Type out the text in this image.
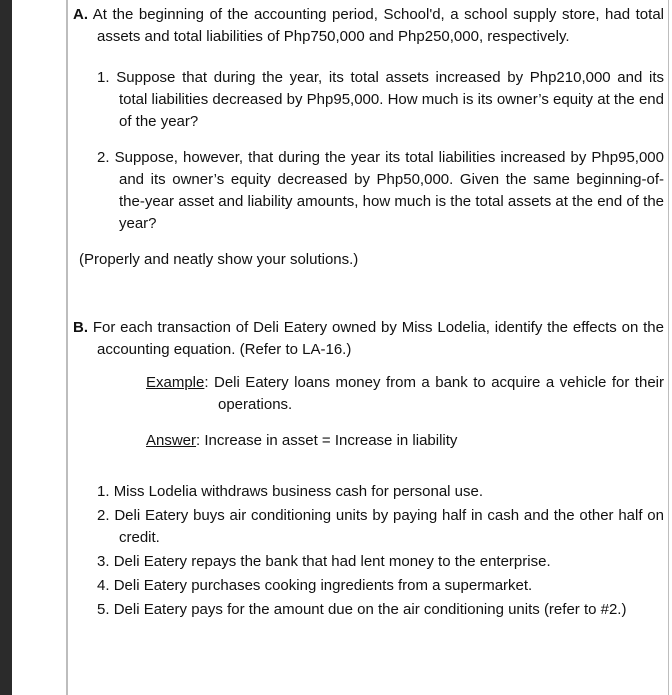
A. At the beginning of the accounting period, School'd, a school supply store, had total assets and total liabilities of Php750,000 and Php250,000, respectively.
1. Suppose that during the year, its total assets increased by Php210,000 and its total liabilities decreased by Php95,000. How much is its owner’s equity at the end of the year?
2. Suppose, however, that during the year its total liabilities increased by Php95,000 and its owner’s equity decreased by Php50,000. Given the same beginning-of-the-year asset and liability amounts, how much is the total assets at the end of the year?
(Properly and neatly show your solutions.)
B. For each transaction of Deli Eatery owned by Miss Lodelia, identify the effects on the accounting equation. (Refer to LA-16.)
Example: Deli Eatery loans money from a bank to acquire a vehicle for their operations.
Answer: Increase in asset = Increase in liability
1. Miss Lodelia withdraws business cash for personal use.
2. Deli Eatery buys air conditioning units by paying half in cash and the other half on credit.
3. Deli Eatery repays the bank that had lent money to the enterprise.
4. Deli Eatery purchases cooking ingredients from a supermarket.
5. Deli Eatery pays for the amount due on the air conditioning units (refer to #2.)
